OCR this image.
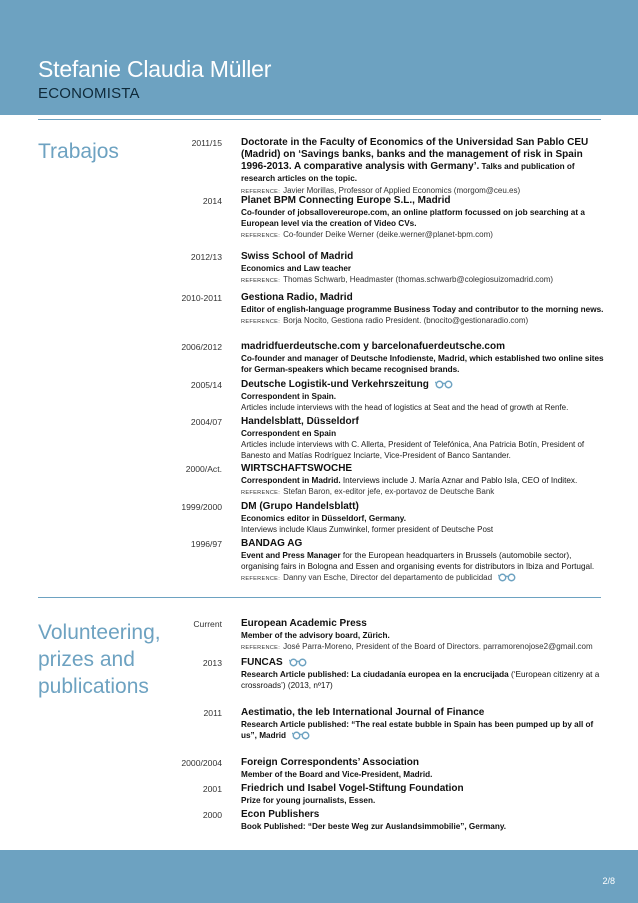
Stefanie Claudia Müller
ECONOMISTA
Trabajos	2011/15 Doctorate in the Faculty of Economics of the Universidad San Pablo CEU (Madrid) on ‘Savings banks, banks and the management of risk in Spain 1996-2013. A comparative analysis with Germany’. Talks and publication of research articles on the topic.
REFERENCE: Javier Morillas, Professor of Applied Economics (morgom@ceu.es)
2014 Planet BPM Connecting Europe S.L., Madrid
Co-founder of jobsallovereurope.com, an online platform focussed on job searching at a European level via the creation of Video CVs.
REFERENCE: Co-founder Deike Werner (deike.werner@planet-bpm.com)
2012/13 Swiss School of Madrid
Economics and Law teacher
REFERENCE: Thomas Schwarb, Headmaster (thomas.schwarb@colegiosuizomadrid.com)
2010-2011 Gestiona Radio, Madrid
Editor of english-language programme Business Today and contributor to the morning news.
REFERENCE: Borja Nocito, Gestiona radio President. (bnocito@gestionaradio.com)
2006/2012 madridfuerdeutsche.com y barcelonafuerdeutsche.com
Co-founder and manager of Deutsche Infodienste, Madrid, which established two online sites for German-speakers which became recognised brands.
2005/14 Deutsche Logistik-und Verkehrszeitung
Correspondent in Spain.
Articles include interviews with the head of logistics at Seat and the head of growth at Renfe.
2004/07 Handelsblatt, Düsseldorf
Correspondent en Spain
Articles include interviews with C. Allerta, President of Telefónica, Ana Patricia Botín, President of Banesto and Matías Rodríguez Inciarte, Vice-President of Banco Santander.
2000/Act. WIRTSCHAFTSWOCHE
Correspondent in Madrid. Interviews include J. María Aznar and Pablo Isla, CEO of Inditex.
REFERENCE: Stefan Baron, ex-editor jefe, ex-portavoz de Deutsche Bank
1999/2000 DM (Grupo Handelsblatt)
Economics editor in Düsseldorf, Germany.
Interviews include Klaus Zumwinkel, former president of Deutsche Post
1996/97 BANDAG AG
Event and Press Manager for the European headquarters in Brussels (automobile sector), organising fairs in Bologna and Essen and organising events for distributors in Ibiza and Portugal.
REFERENCE: Danny van Esche, Director del departamento de publicidad
Volunteering, prizes and publications
Current European Academic Press
Member of the advisory board, Zürich.
REFERENCE: José Parra-Moreno, President of the Board of Directors. parramorenojose2@gmail.com
2013 FUNCAS
Research Article published: La ciudadanía europea en la encrucijada (‘European citizenry at a crossroads’) (2013, nº17)
2011 Aestimatio, the Ieb International Journal of Finance
Research Article published: “The real estate bubble in Spain has been pumped up by all of us”, Madrid
2000/2004 Foreign Correspondents’ Association
Member of the Board and Vice-President, Madrid.
2001 Friedrich und Isabel Vogel-Stiftung Foundation
Prize for young journalists, Essen.
2000 Econ Publishers
Book Published: “Der beste Weg zur Auslandsimmobilie”, Germany.
2/8
